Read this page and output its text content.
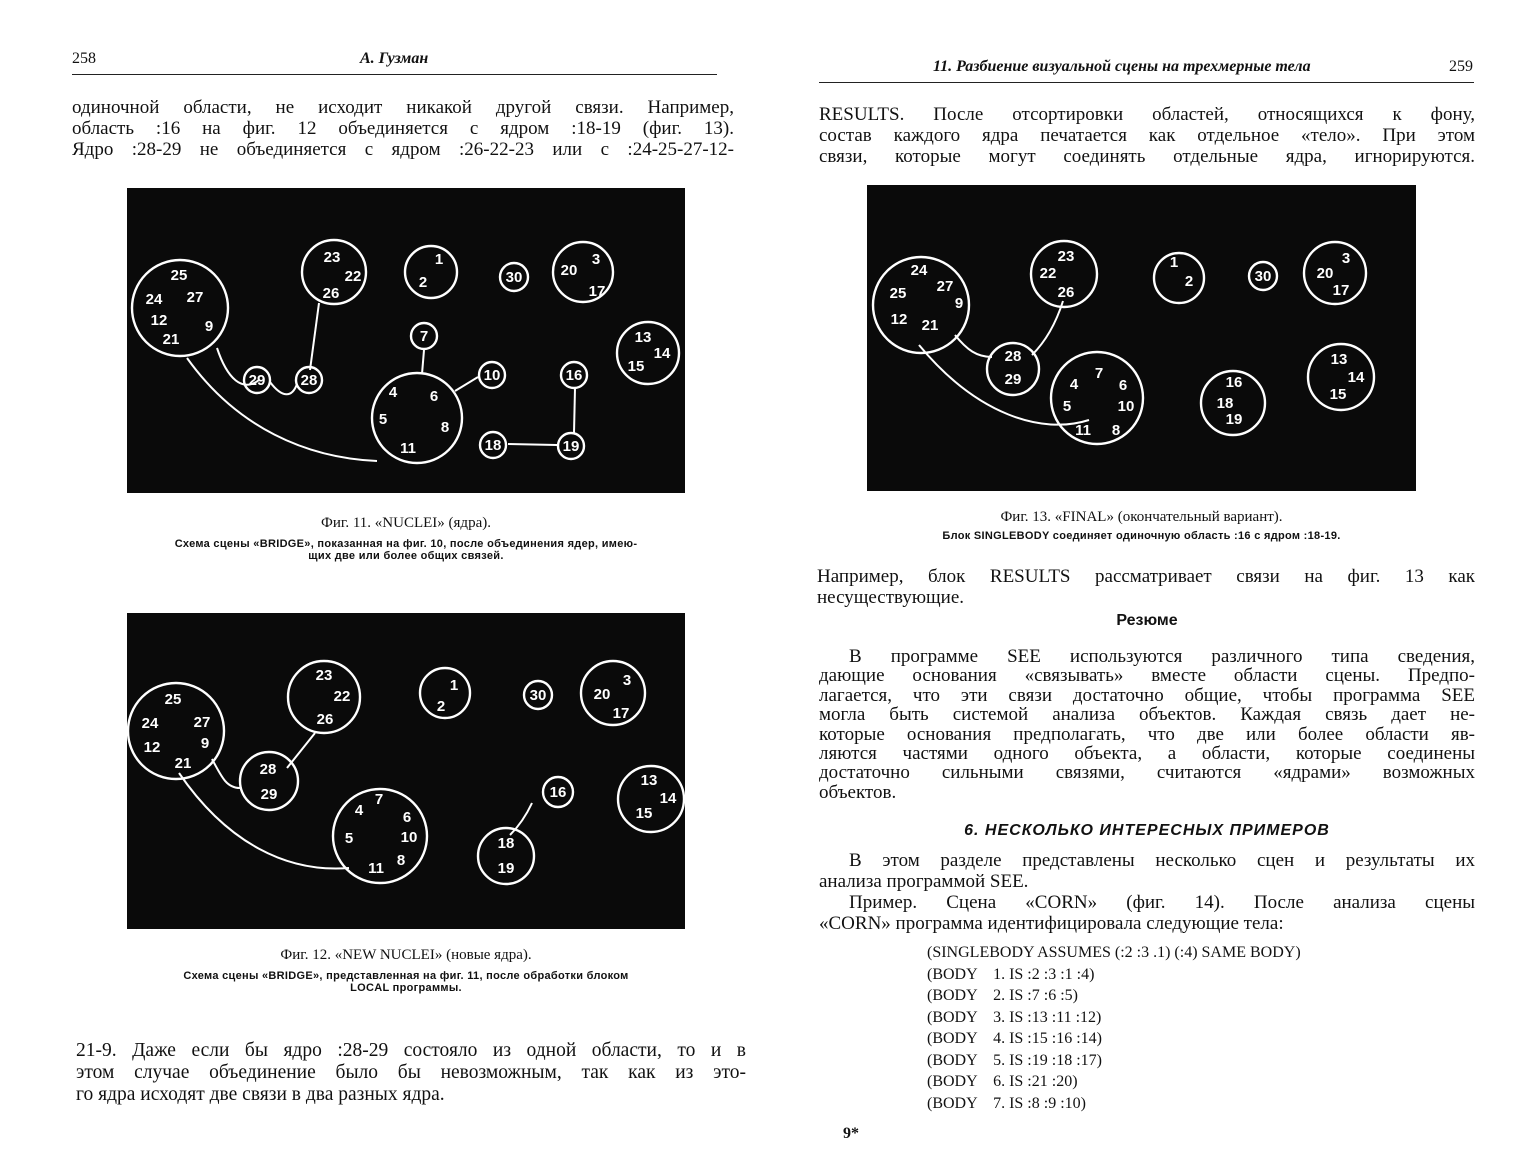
258	А. Гузман
одиночной области, не исходит никакой другой связи. Например,
область :16 на фиг. 12 объединяется с ядром :18-19 (фиг. 13).
Ядро :28-29 не объединяется с ядром :26-22-23 или с :24-25-27-12-
25
24 27
12 9
21
23
22
26
1
2	30	20
3
17
13
14
15
29 28
7
4 6
5	8
11
10	16
18	19
Фиг. 11. «NUCLEI» (ядра).
Схема сцены «BRIDGE», показанная на фиг. 10, после объединения ядер, имею-
щих две или более общих связей.
25
24 27
12	9
21
23
22
26
1
2
30	20
3
17
13
14
15
28
29
4
7
6
5	10
11 8
16
18
19
Фиг. 12. «NEW NUCLEI» (новые ядра).
Схема сцены «BRIDGE», представленная на фиг. 11, после обработки блоком
LOCAL программы.
21-9. Даже если бы ядро :28-29 состояло из одной области, то и в
этом случае объединение было бы невозможным, так как из это-
го ядра исходят две связи в два разных ядра.
11. Разбиение визуальной сцены на трехмерные тела	259
RESULTS. После отсортировки областей, относящихся к фону,
состав каждого ядра печатается как отдельное «тело». При этом
связи, которые могут соединять отдельные ядра, игнорируются.
24
27
25
9
12 21
23
22
26
1
2	30	20
3
17
28
29	4
7
6
5	10
11 8
16
18
19
13
14
15
Фиг. 13. «FINAL» (окончательный вариант).
Блок SINGLEBODY соединяет одиночную область :16 с ядром :18-19.
Например, блок RESULTS рассматривает связи на фиг. 13 как
несуществующие.
Резюме
В программе SEE используются различного типа сведения,
дающие основания «связывать» вместе области сцены. Предпо-
лагается, что эти связи достаточно общие, чтобы программа SEE
могла быть системой анализа объектов. Каждая связь дает не-
которые основания предполагать, что две или более области яв-
ляются частями одного объекта, а области, которые соединены
достаточно сильными связями, считаются «ядрами» возможных
объектов.
6. НЕСКОЛЬКО ИНТЕРЕСНЫХ ПРИМЕРОВ
В этом разделе представлены несколько сцен и результаты их
анализа программой SEE.
Пример. Сцена «CORN» (фиг. 14). После анализа сцены
«CORN» программа идентифицировала следующие тела:
(SINGLEBODY ASSUMES (:2 :3 .1) (:4) SAME BODY)
(BODY    1. IS :2 :3 :1 :4)
(BODY    2. IS :7 :6 :5)
(BODY    3. IS :13 :11 :12)
(BODY    4. IS :15 :16 :14)
(BODY    5. IS :19 :18 :17)
(BODY    6. IS :21 :20)
(BODY    7. IS :8 :9 :10)
9*
